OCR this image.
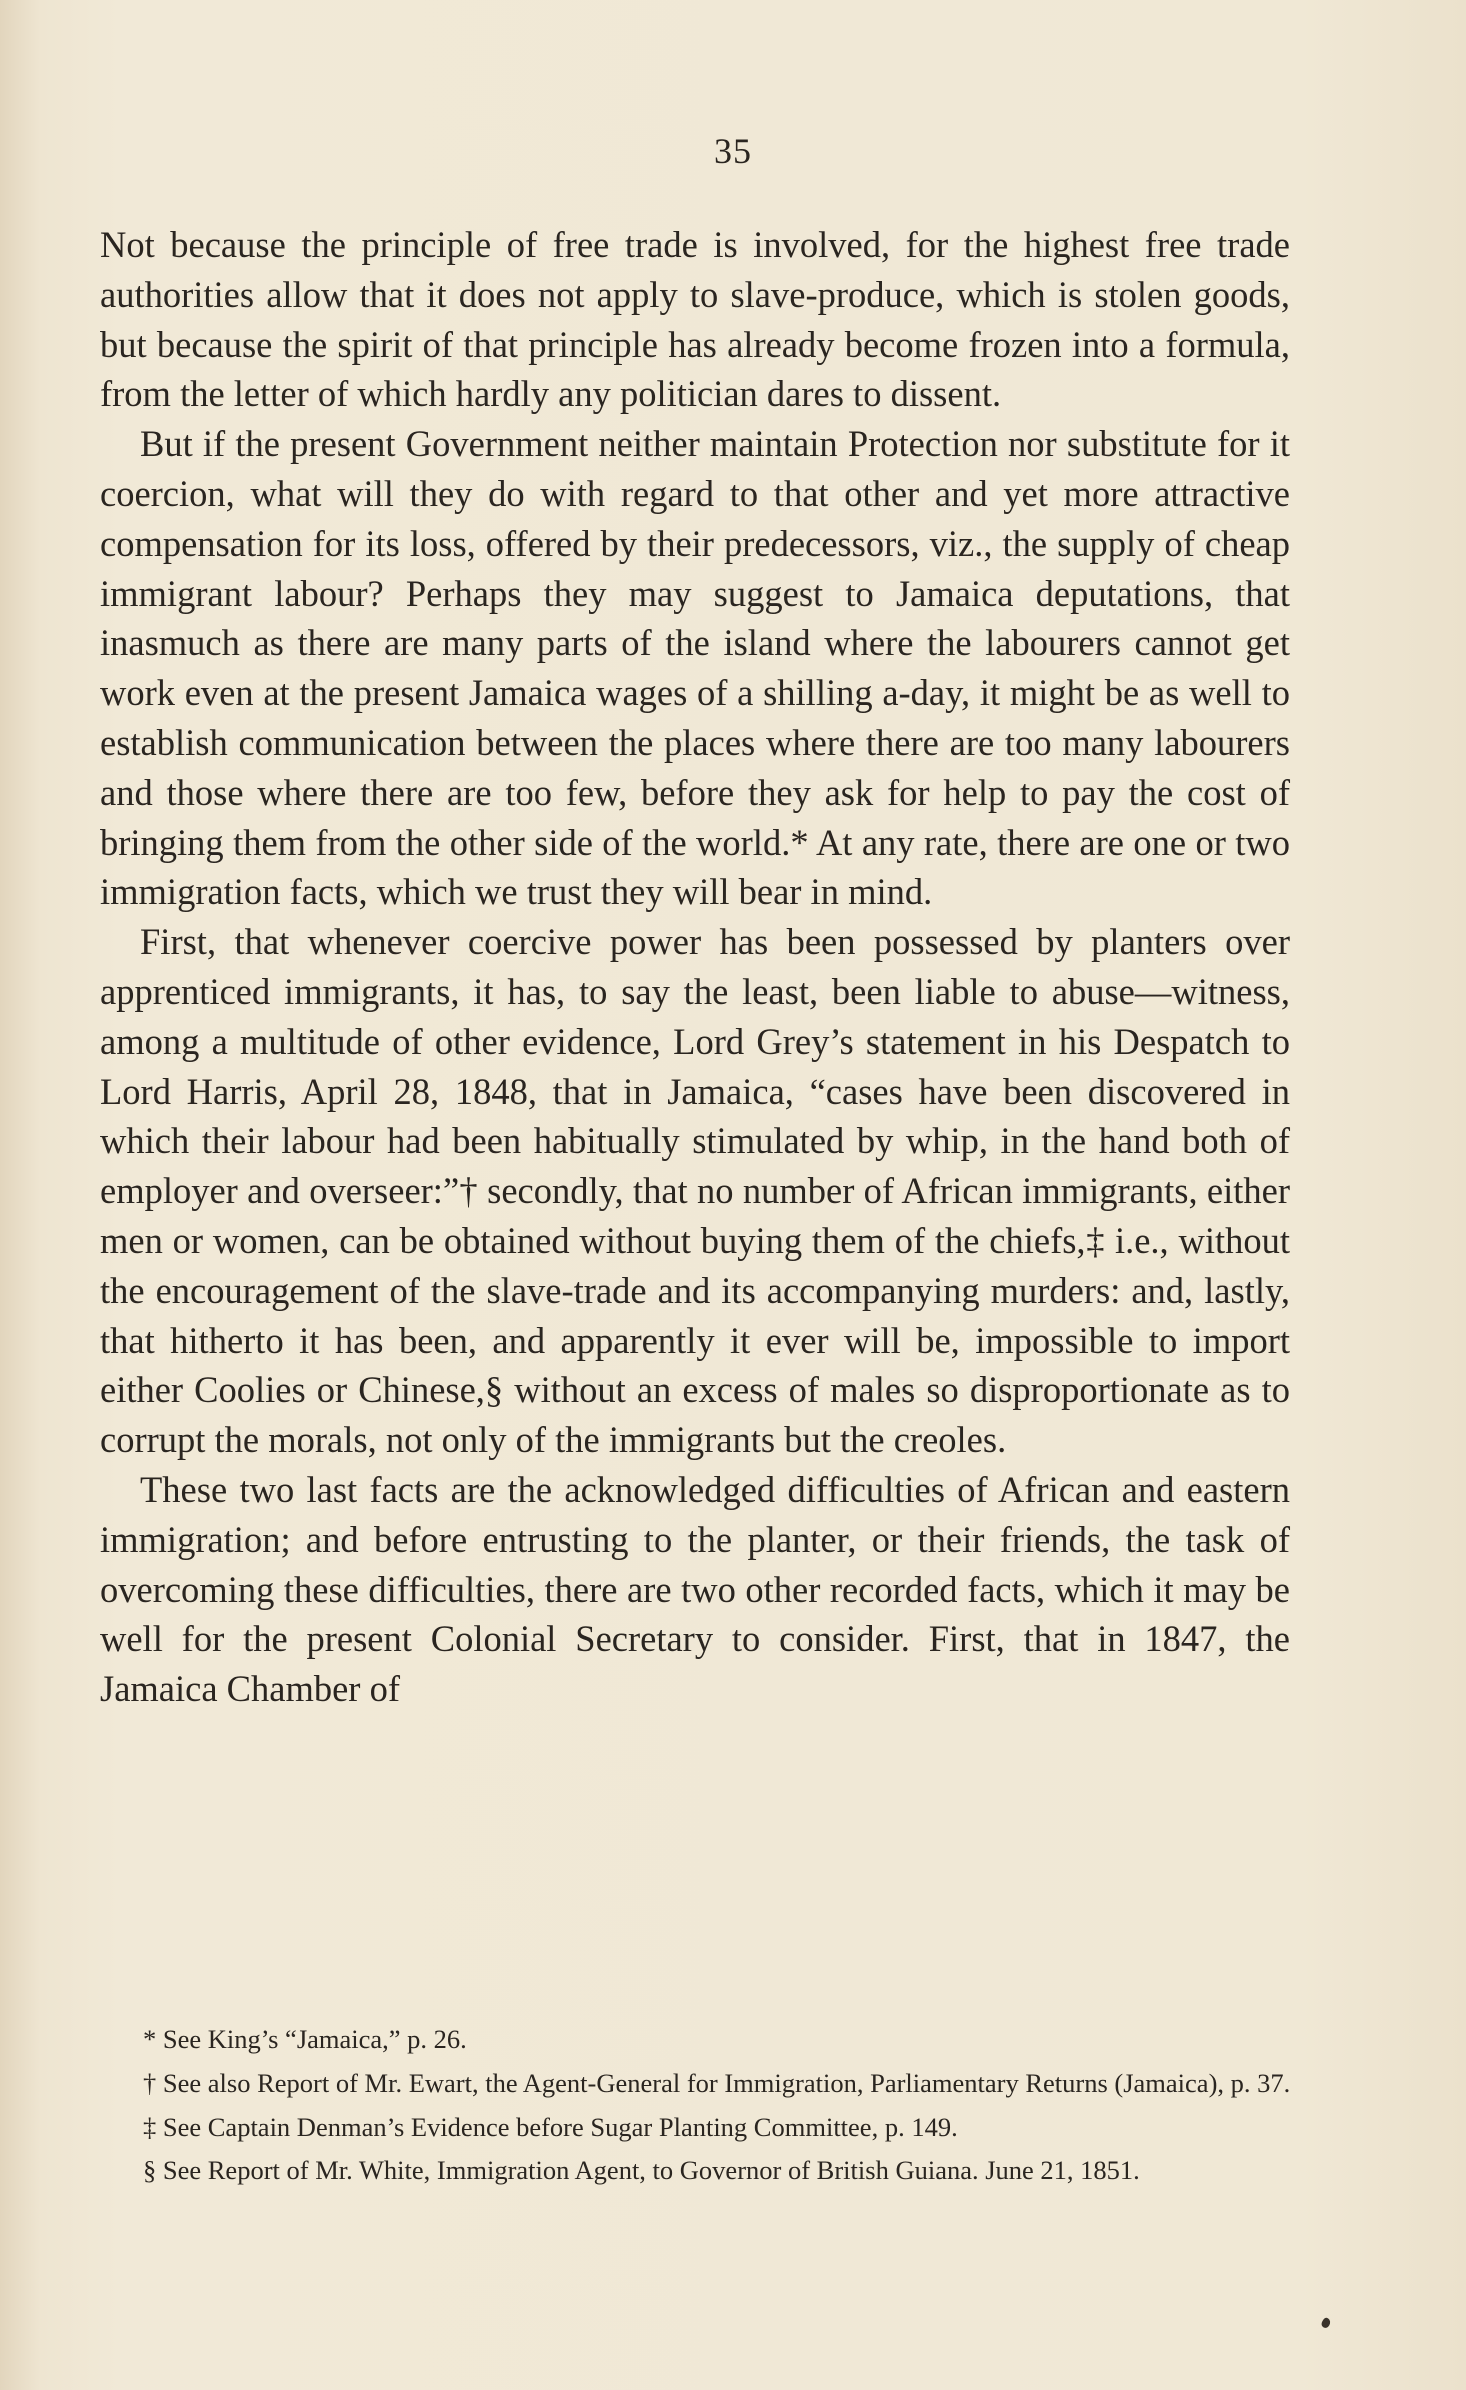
35

Not because the principle of free trade is involved, for the highest free trade authorities allow that it does not apply to slave-produce, which is stolen goods, but because the spirit of that principle has already become frozen into a formula, from the letter of which hardly any politician dares to dissent.

But if the present Government neither maintain Protection nor substitute for it coercion, what will they do with regard to that other and yet more attractive compensation for its loss, offered by their predecessors, viz., the supply of cheap immigrant labour? Perhaps they may suggest to Jamaica deputations, that inasmuch as there are many parts of the island where the labourers cannot get work even at the present Jamaica wages of a shilling a-day, it might be as well to establish communication between the places where there are too many labourers and those where there are too few, before they ask for help to pay the cost of bringing them from the other side of the world.* At any rate, there are one or two immigration facts, which we trust they will bear in mind.

First, that whenever coercive power has been possessed by planters over apprenticed immigrants, it has, to say the least, been liable to abuse—witness, among a multitude of other evidence, Lord Grey’s statement in his Despatch to Lord Harris, April 28, 1848, that in Jamaica, “cases have been discovered in which their labour had been habitually stimulated by whip, in the hand both of employer and overseer:”† secondly, that no number of African immigrants, either men or women, can be obtained without buying them of the chiefs,‡ i.e., without the encouragement of the slave-trade and its accompanying murders: and, lastly, that hitherto it has been, and apparently it ever will be, impossible to import either Coolies or Chinese,§ without an excess of males so disproportionate as to corrupt the morals, not only of the immigrants but the creoles.

These two last facts are the acknowledged difficulties of African and eastern immigration; and before entrusting to the planter, or their friends, the task of overcoming these difficulties, there are two other recorded facts, which it may be well for the present Colonial Secretary to consider. First, that in 1847, the Jamaica Chamber of

* See King’s “Jamaica,” p. 26.

† See also Report of Mr. Ewart, the Agent-General for Immigration, Parliamentary Returns (Jamaica), p. 37.

‡ See Captain Denman’s Evidence before Sugar Planting Committee, p. 149.

§ See Report of Mr. White, Immigration Agent, to Governor of British Guiana. June 21, 1851.
